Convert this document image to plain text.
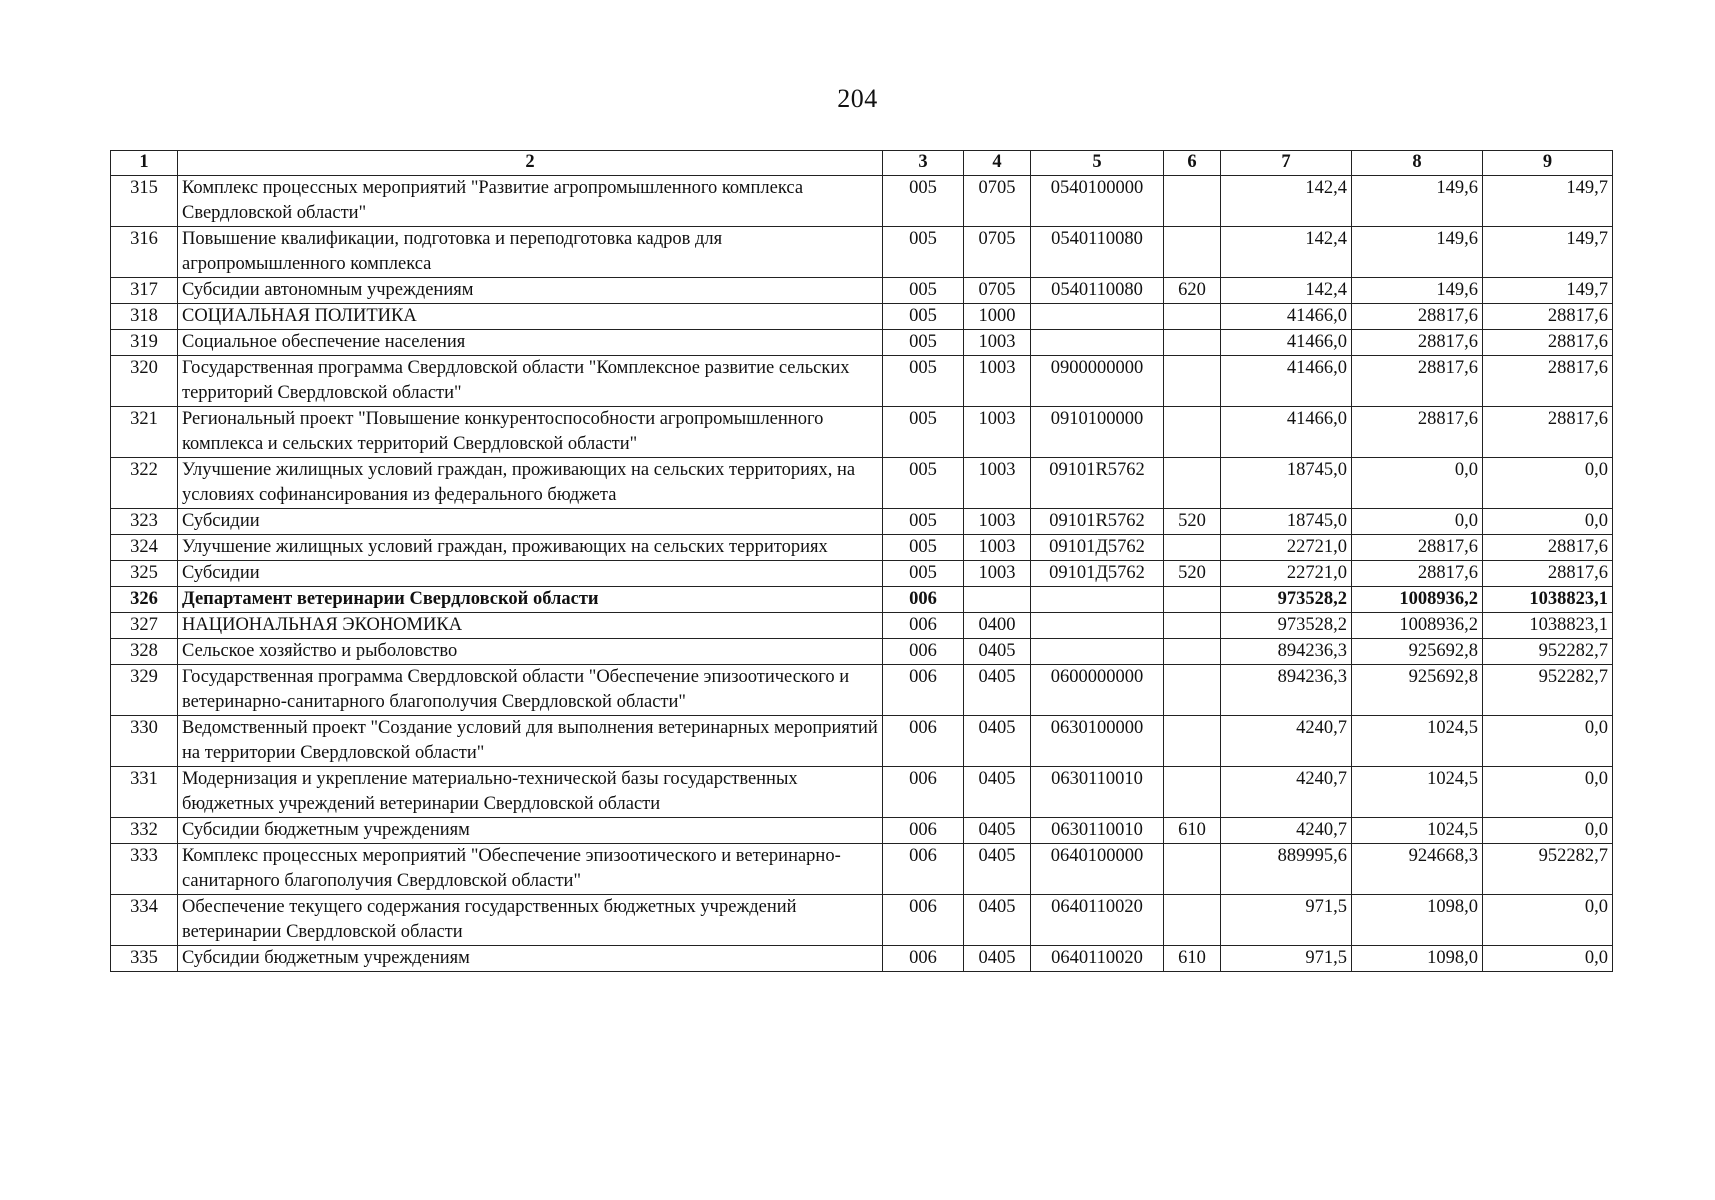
204
1	2	3	4	5	6	7	8	9
315	Комплекс процессных мероприятий "Развитие агропромышленного комплекса Свердловской области"	005	0705	0540100000		142,4	149,6	149,7
316	Повышение квалификации, подготовка и переподготовка кадров для агропромышленного комплекса	005	0705	0540110080		142,4	149,6	149,7
317	Субсидии автономным учреждениям	005	0705	0540110080	620	142,4	149,6	149,7
318	СОЦИАЛЬНАЯ ПОЛИТИКА	005	1000			41466,0	28817,6	28817,6
319	Социальное обеспечение населения	005	1003			41466,0	28817,6	28817,6
320	Государственная программа Свердловской области "Комплексное развитие сельских территорий Свердловской области"	005	1003	0900000000		41466,0	28817,6	28817,6
321	Региональный проект "Повышение конкурентоспособности агропромышленного комплекса и сельских территорий Свердловской области"	005	1003	0910100000		41466,0	28817,6	28817,6
322	Улучшение жилищных условий граждан, проживающих на сельских территориях, на условиях софинансирования из федерального бюджета	005	1003	09101R5762		18745,0	0,0	0,0
323	Субсидии	005	1003	09101R5762	520	18745,0	0,0	0,0
324	Улучшение жилищных условий граждан, проживающих на сельских территориях	005	1003	09101Д5762		22721,0	28817,6	28817,6
325	Субсидии	005	1003	09101Д5762	520	22721,0	28817,6	28817,6
326	Департамент ветеринарии Свердловской области	006				973528,2	1008936,2	1038823,1
327	НАЦИОНАЛЬНАЯ ЭКОНОМИКА	006	0400			973528,2	1008936,2	1038823,1
328	Сельское хозяйство и рыболовство	006	0405			894236,3	925692,8	952282,7
329	Государственная программа Свердловской области "Обеспечение эпизоотического и ветеринарно-санитарного благополучия Свердловской области"	006	0405	0600000000		894236,3	925692,8	952282,7
330	Ведомственный проект "Создание условий для выполнения ветеринарных мероприятий на территории Свердловской области"	006	0405	0630100000		4240,7	1024,5	0,0
331	Модернизация и укрепление материально-технической базы государственных бюджетных учреждений ветеринарии Свердловской области	006	0405	0630110010		4240,7	1024,5	0,0
332	Субсидии бюджетным учреждениям	006	0405	0630110010	610	4240,7	1024,5	0,0
333	Комплекс процессных мероприятий "Обеспечение эпизоотического и ветеринарно-санитарного благополучия Свердловской области"	006	0405	0640100000		889995,6	924668,3	952282,7
334	Обеспечение текущего содержания государственных бюджетных учреждений ветеринарии Свердловской области	006	0405	0640110020		971,5	1098,0	0,0
335	Субсидии бюджетным учреждениям	006	0405	0640110020	610	971,5	1098,0	0,0
